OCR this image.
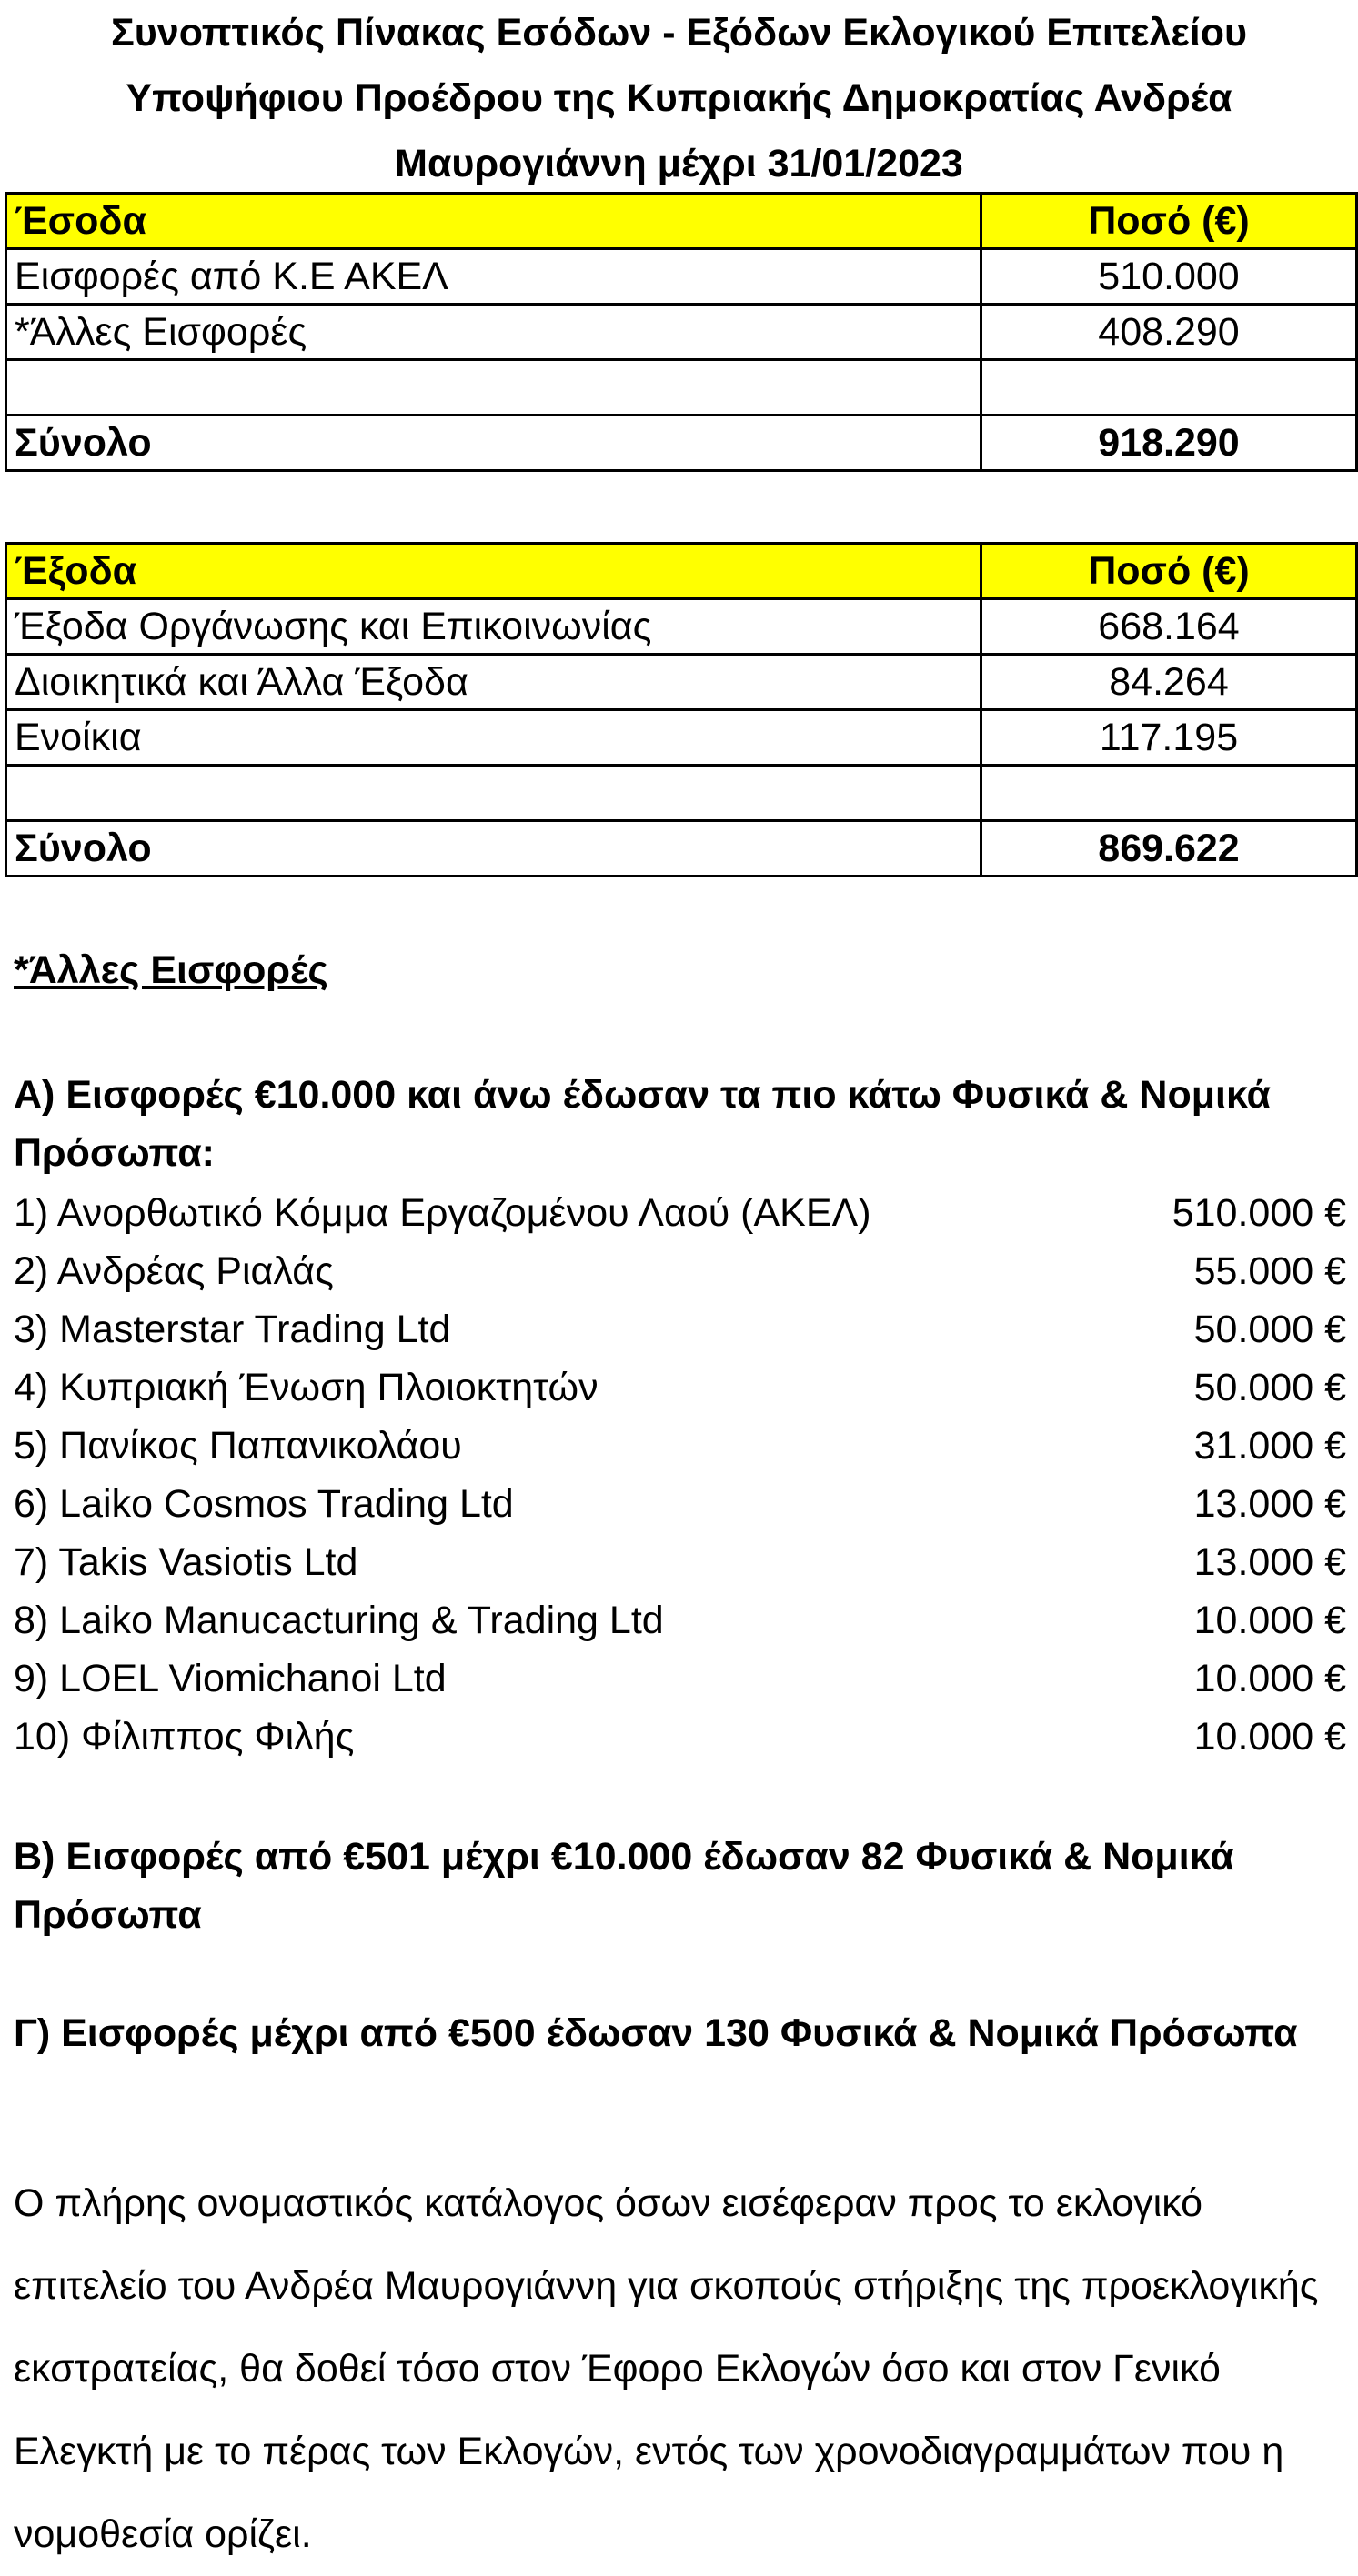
Συνοπτικός Πίνακας Εσόδων - Εξόδων Εκλογικού Επιτελείου
Υποψήφιου Προέδρου της Κυπριακής Δημοκρατίας Ανδρέα
Μαυρογιάννη μέχρι 31/01/2023
Έσοδα	Ποσό (€)
Εισφορές από Κ.Ε ΑΚΕΛ	510.000
*Άλλες Εισφορές	408.290

Σύνολο	918.290
Έξοδα	Ποσό (€)
Έξοδα Οργάνωσης και Επικοινωνίας	668.164
Διοικητικά και Άλλα Έξοδα	84.264
Ενοίκια	117.195

Σύνολο	869.622
*Άλλες Εισφορές
Α) Εισφορές €10.000 και άνω έδωσαν τα πιο κάτω Φυσικά & Νομικά Πρόσωπα:
1) Ανορθωτικό Κόμμα Εργαζομένου Λαού (ΑΚΕΛ)	510.000 €
2) Ανδρέας Ριαλάς	55.000 €
3) Masterstar Trading Ltd	50.000 €
4) Κυπριακή Ένωση Πλοιοκτητών	50.000 €
5) Πανίκος Παπανικολάου	31.000 €
6) Laiko Cosmos Trading Ltd	13.000 €
7) Takis Vasiotis Ltd	13.000 €
8) Laiko Manucacturing & Trading Ltd	10.000 €
9) LOEL Viomichanoi Ltd	10.000 €
10) Φίλιππος Φιλής	10.000 €
Β) Εισφορές από €501 μέχρι €10.000 έδωσαν 82 Φυσικά & Νομικά Πρόσωπα
Γ) Εισφορές μέχρι από €500 έδωσαν 130 Φυσικά & Νομικά Πρόσωπα
Ο πλήρης ονομαστικός κατάλογος όσων εισέφεραν προς το εκλογικό επιτελείο του Ανδρέα Μαυρογιάννη για σκοπούς στήριξης της προεκλογικής εκστρατείας, θα δοθεί τόσο στον Έφορο Εκλογών όσο και στον Γενικό Ελεγκτή με το πέρας των Εκλογών, εντός των χρονοδιαγραμμάτων που η νομοθεσία ορίζει.
